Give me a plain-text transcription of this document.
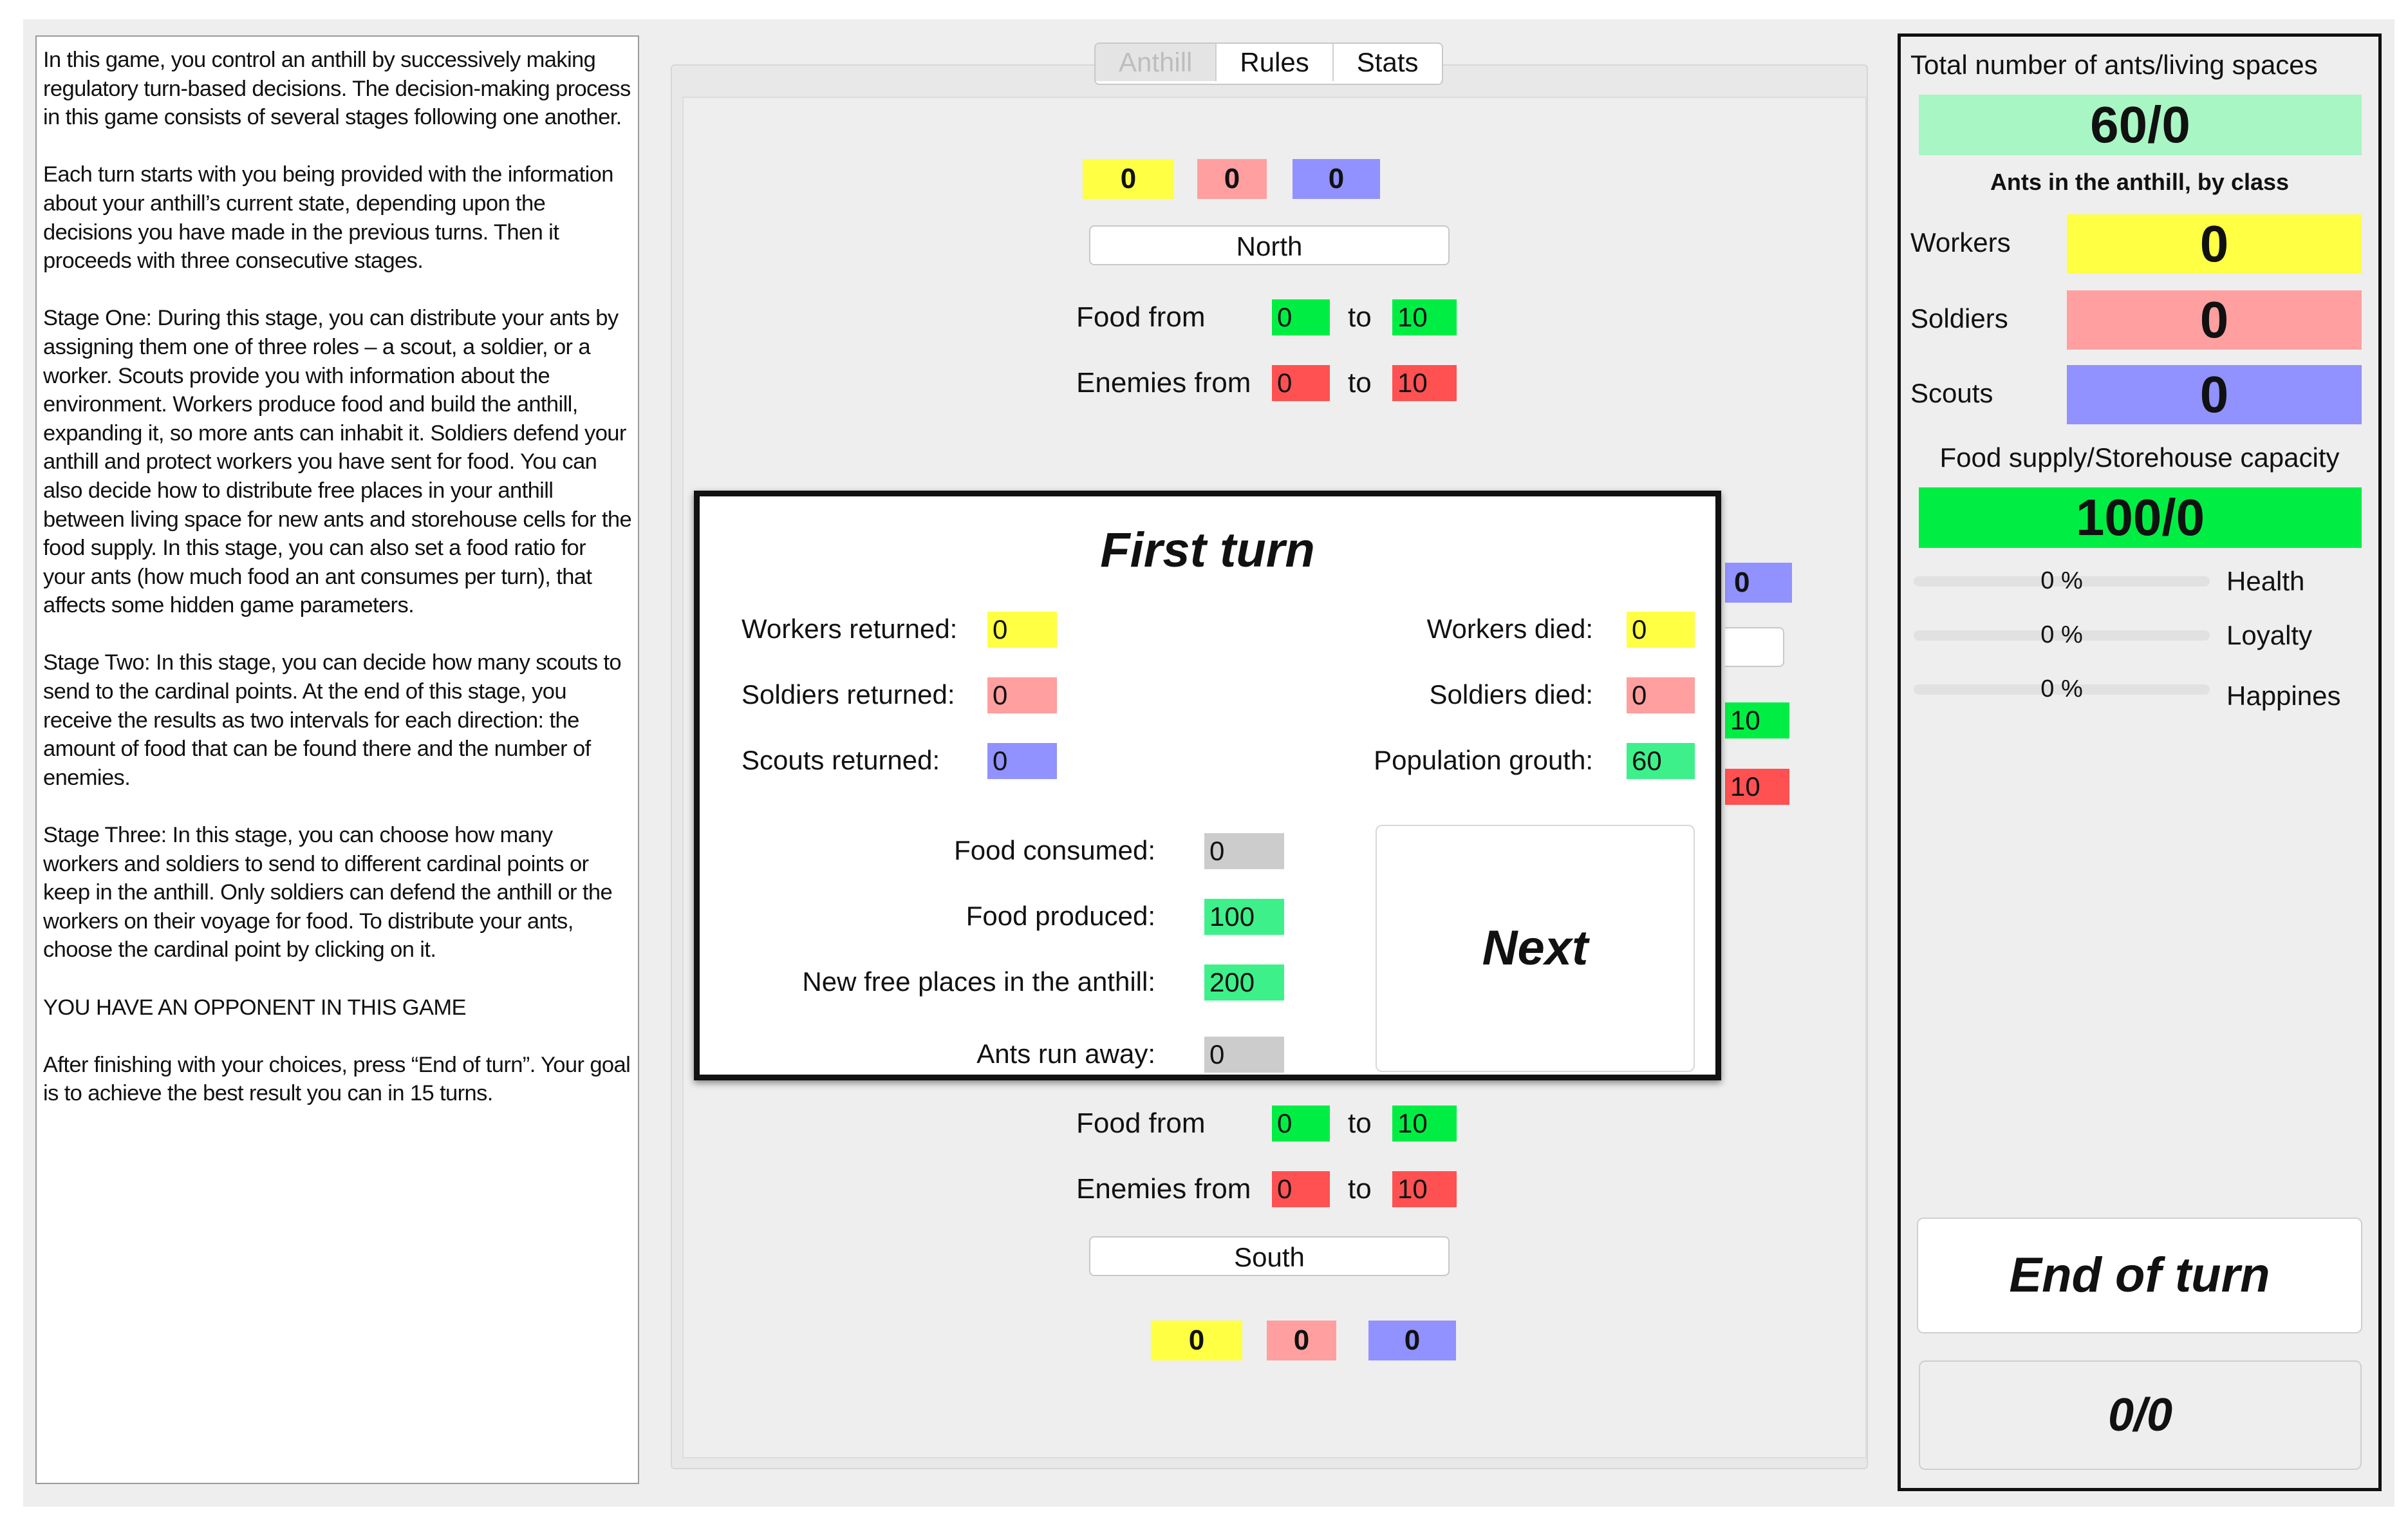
In this game, you control an anthill by successively making regulatory turn-based decisions. The decision-making process in this game consists of several stages following one another.

Each turn starts with you being provided with the information about your anthill’s current state, depending upon the decisions you have made in the previous turns. Then it proceeds with three consecutive stages.

Stage One: During this stage, you can distribute your ants by assigning them one of three roles – a scout, a soldier, or a worker. Scouts provide you with information about the environment. Workers produce food and build the anthill, expanding it, so more ants can inhabit it. Soldiers defend your anthill and protect workers you have sent for food. You can also decide how to distribute free places in your anthill between living space for new ants and storehouse cells for the food supply. In this stage, you can also set a food ratio for your ants (how much food an ant consumes per turn), that affects some hidden game parameters.

Stage Two: In this stage, you can decide how many scouts to send to the cardinal points. At the end of this stage, you receive the results as two intervals for each direction: the amount of food that can be found there and the number of enemies.

Stage Three: In this stage, you can choose how many workers and soldiers to send to different cardinal points or keep in the anthill. Only soldiers can defend the anthill or the workers on their voyage for food. To distribute your ants, choose the cardinal point by clicking on it.

YOU HAVE AN OPPONENT IN THIS GAME

After finishing with your choices, press “End of turn”. Your goal is to achieve the best result you can in 15 turns.

Anthill	Rules	Stats
0	0	0
North
Food from	0	to 10
Enemies from 0	to 10
0
10
10
Food from	0	to 10
Enemies from 0	to 10
South
0	0	0
First turn
Workers returned: 0
Soldiers returned: 0
Scouts returned: 0
Workers died: 0
Soldiers died: 0
Population grouth: 60
Food consumed: 0
Food produced: 100
New free places in the anthill: 200
Ants run away: 0
Next
Total number of ants/living spaces
60/0
Ants in the anthill, by class
Workers	0
Soldiers	0
Scouts	0
Food supply/Storehouse capacity
100/0
0 %	Health
0 %	Loyalty
0 %	Happines
End of turn
0/0
